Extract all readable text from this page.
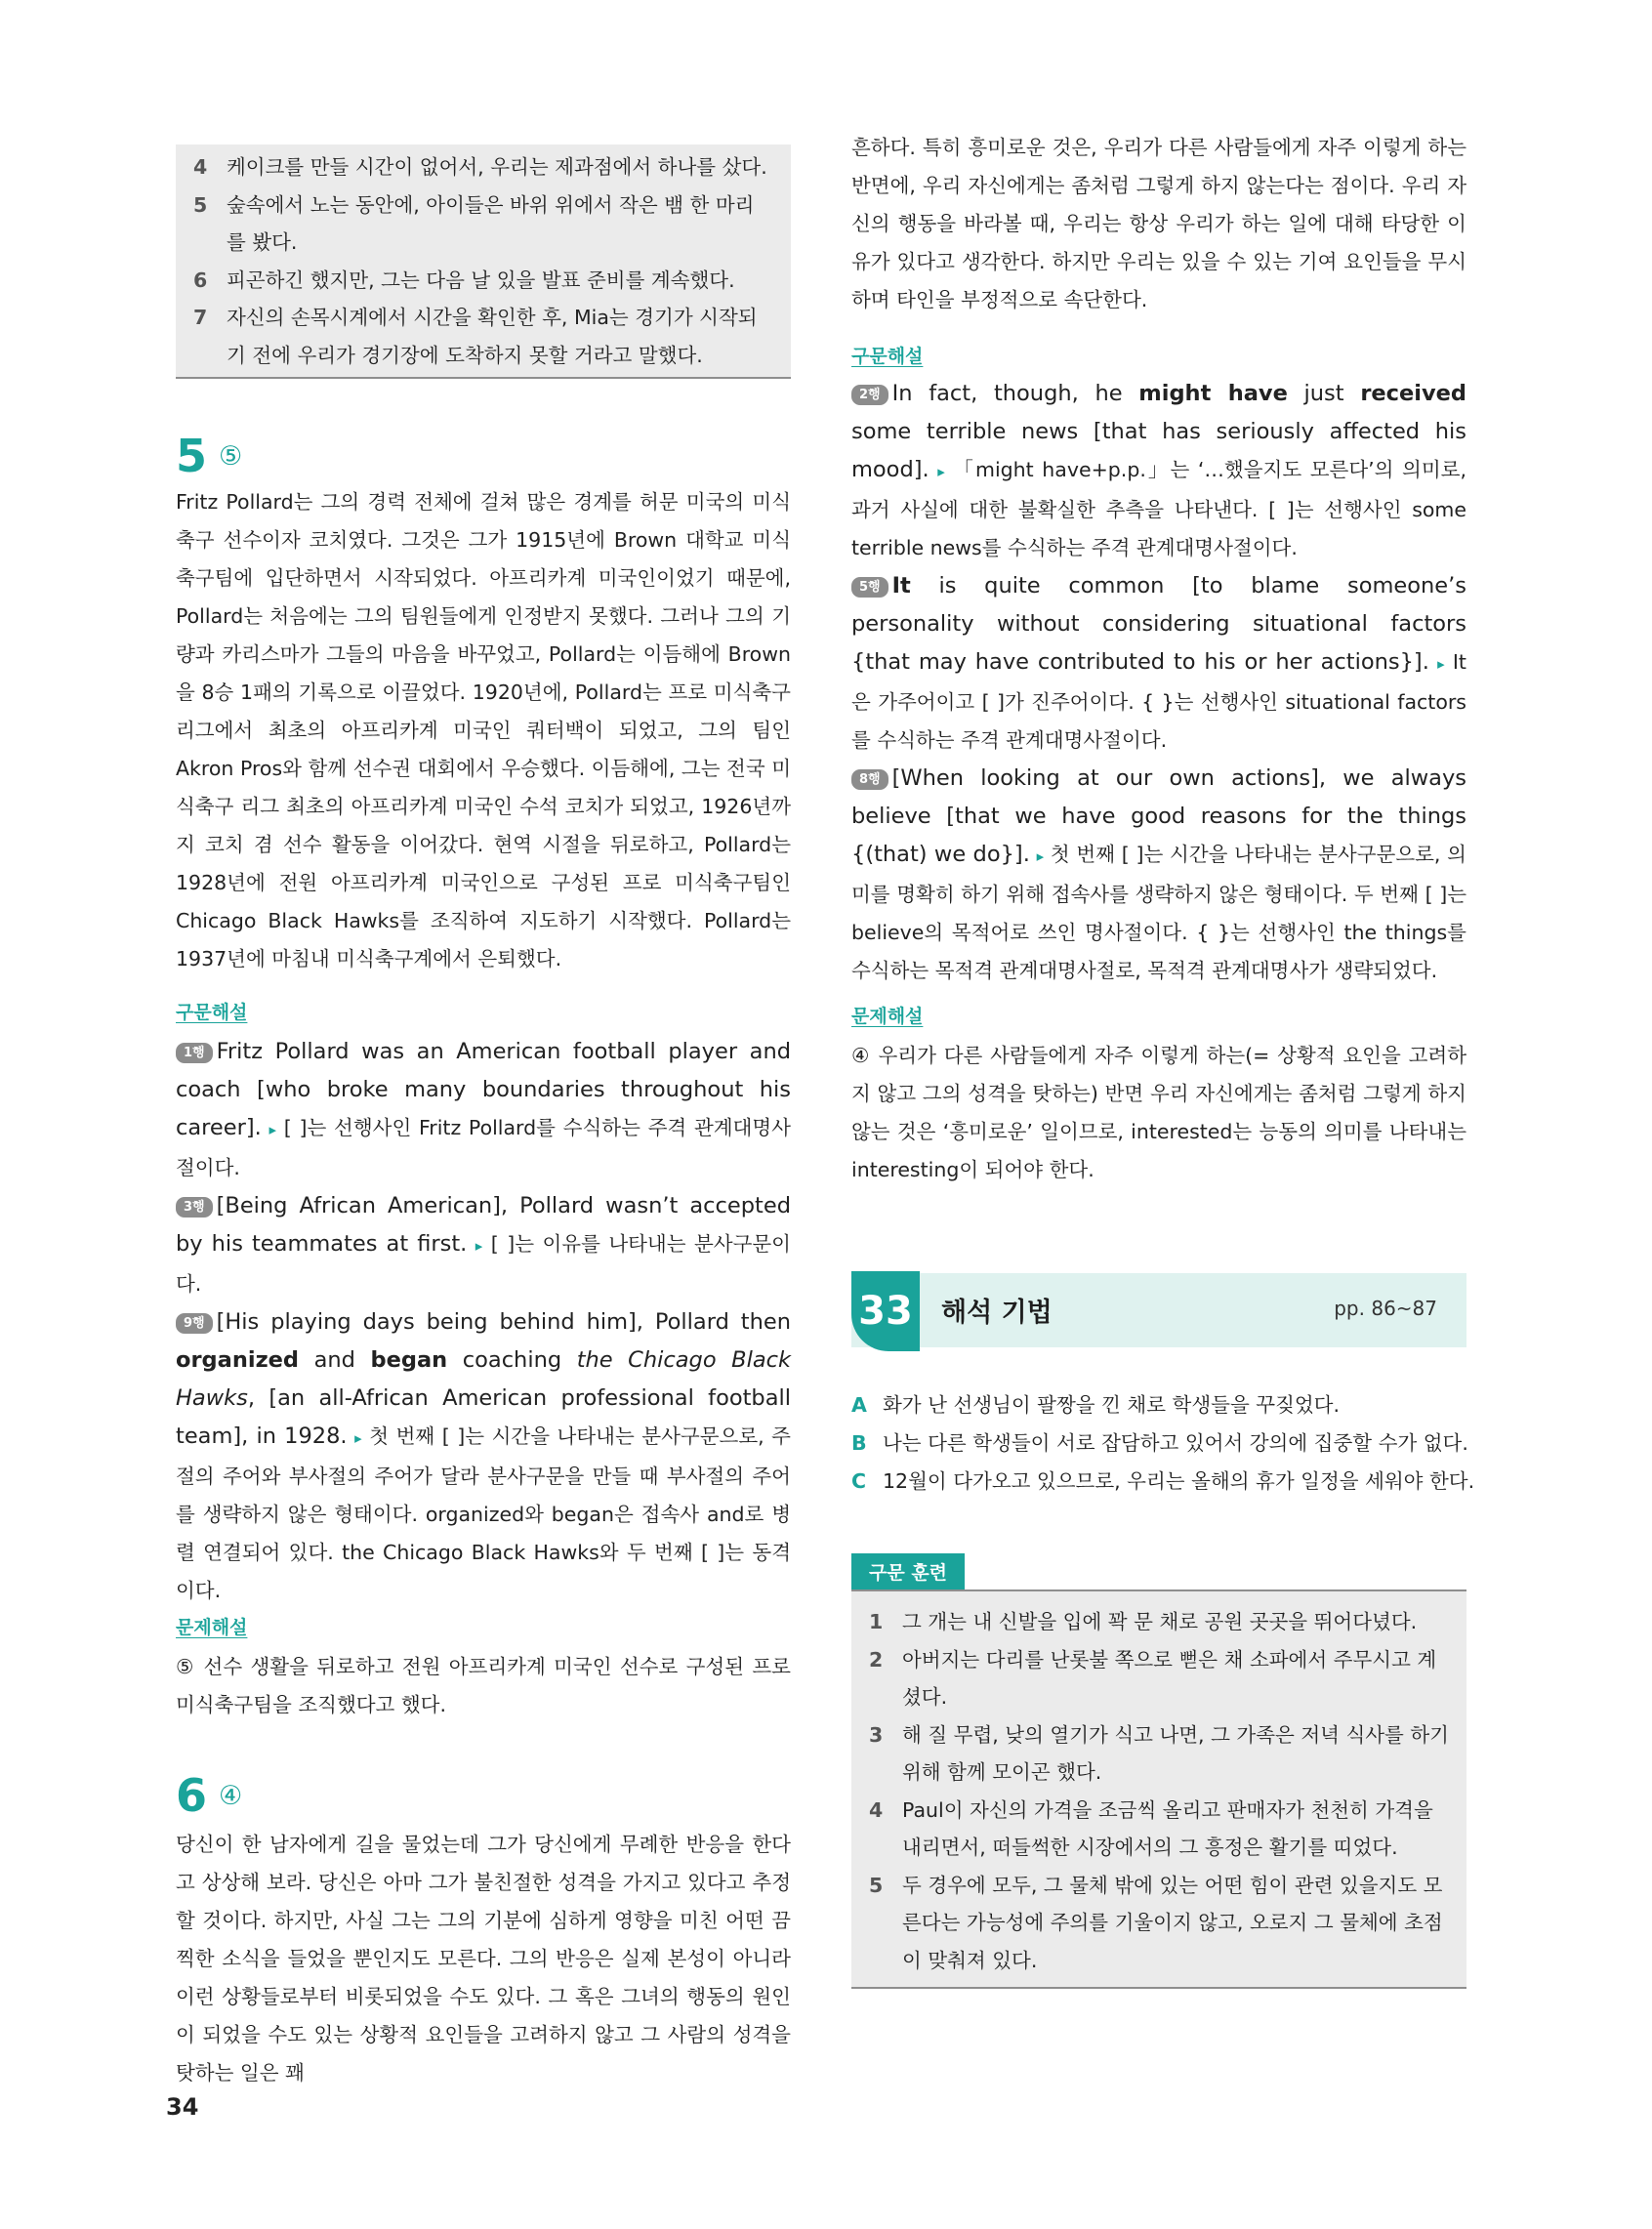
4 케이크를 만들 시간이 없어서, 우리는 제과점에서 하나를 샀다.
5 숲속에서 노는 동안에, 아이들은 바위 위에서 작은 뱀 한 마리를 봤다.
6 피곤하긴 했지만, 그는 다음 날 있을 발표 준비를 계속했다.
7 자신의 손목시계에서 시간을 확인한 후, Mia는 경기가 시작되기 전에 우리가 경기장에 도착하지 못할 거라고 말했다.
5 ⑤

Fritz Pollard는 그의 경력 전체에 걸쳐 많은 경계를 허문 미국의 미식축구 선수이자 코치였다. 그것은 그가 1915년에 Brown 대학교 미식축구팀에 입단하면서 시작되었다. 아프리카계 미국인이었기 때문에, Pollard는 처음에는 그의 팀원들에게 인정받지 못했다. 그러나 그의 기량과 카리스마가 그들의 마음을 바꾸었고, Pollard는 이듬해에 Brown을 8승 1패의 기록으로 이끌었다. 1920년에, Pollard는 프로 미식축구 리그에서 최초의 아프리카계 미국인 쿼터백이 되었고, 그의 팀인 Akron Pros와 함께 선수권 대회에서 우승했다. 이듬해에, 그는 전국 미식축구 리그 최초의 아프리카계 미국인 수석 코치가 되었고, 1926년까지 코치 겸 선수 활동을 이어갔다. 현역 시절을 뒤로하고, Pollard는 1928년에 전원 아프리카계 미국인으로 구성된 프로 미식축구팀인 Chicago Black Hawks를 조직하여 지도하기 시작했다. Pollard는 1937년에 마침내 미식축구계에서 은퇴했다.

구문해설

1행 Fritz Pollard was an American football player and coach [who broke many boundaries throughout his career]. ▸ [ ]는 선행사인 Fritz Pollard를 수식하는 주격 관계대명사절이다.

3행 [Being African American], Pollard wasn’t accepted by his teammates at first. ▸ [ ]는 이유를 나타내는 분사구문이다.

9행 [His playing days being behind him], Pollard then organized and began coaching the Chicago Black Hawks, [an all-African American professional football team], in 1928. ▸ 첫 번째 [ ]는 시간을 나타내는 분사구문으로, 주절의 주어와 부사절의 주어가 달라 분사구문을 만들 때 부사절의 주어를 생략하지 않은 형태이다. organized와 began은 접속사 and로 병렬 연결되어 있다. the Chicago Black Hawks와 두 번째 [ ]는 동격이다.

문제해설

⑤ 선수 생활을 뒤로하고 전원 아프리카계 미국인 선수로 구성된 프로 미식축구팀을 조직했다고 했다.

6 ④

당신이 한 남자에게 길을 물었는데 그가 당신에게 무례한 반응을 한다고 상상해 보라. 당신은 아마 그가 불친절한 성격을 가지고 있다고 추정할 것이다. 하지만, 사실 그는 그의 기분에 심하게 영향을 미친 어떤 끔찍한 소식을 들었을 뿐인지도 모른다. 그의 반응은 실제 본성이 아니라 이런 상황들로부터 비롯되었을 수도 있다. 그 혹은 그녀의 행동의 원인이 되었을 수도 있는 상황적 요인들을 고려하지 않고 그 사람의 성격을 탓하는 일은 꽤

34

흔하다. 특히 흥미로운 것은, 우리가 다른 사람들에게 자주 이렇게 하는 반면에, 우리 자신에게는 좀처럼 그렇게 하지 않는다는 점이다. 우리 자신의 행동을 바라볼 때, 우리는 항상 우리가 하는 일에 대해 타당한 이유가 있다고 생각한다. 하지만 우리는 있을 수 있는 기여 요인들을 무시하며 타인을 부정적으로 속단한다.

구문해설

2행 In fact, though, he might have just received some terrible news [that has seriously affected his mood]. ▸ 「might have+p.p.」는 ‘…했을지도 모른다’의 의미로, 과거 사실에 대한 불확실한 추측을 나타낸다. [ ]는 선행사인 some terrible news를 수식하는 주격 관계대명사절이다.

5행 It is quite common [to blame someone’s personality without considering situational factors {that may have contributed to his or her actions}]. ▸ It은 가주어이고 [ ]가 진주어이다. { }는 선행사인 situational factors를 수식하는 주격 관계대명사절이다.

8행 [When looking at our own actions], we always believe [that we have good reasons for the things {(that) we do}]. ▸ 첫 번째 [ ]는 시간을 나타내는 분사구문으로, 의미를 명확히 하기 위해 접속사를 생략하지 않은 형태이다. 두 번째 [ ]는 believe의 목적어로 쓰인 명사절이다. { }는 선행사인 the things를 수식하는 목적격 관계대명사절로, 목적격 관계대명사가 생략되었다.

문제해설

④ 우리가 다른 사람들에게 자주 이렇게 하는(= 상황적 요인을 고려하지 않고 그의 성격을 탓하는) 반면 우리 자신에게는 좀처럼 그렇게 하지 않는 것은 ‘흥미로운’ 일이므로, interested는 능동의 의미를 나타내는 interesting이 되어야 한다.

33 해석 기법	pp. 86~87
A 화가 난 선생님이 팔짱을 낀 채로 학생들을 꾸짖었다.
B 나는 다른 학생들이 서로 잡담하고 있어서 강의에 집중할 수가 없다.
C 12월이 다가오고 있으므로, 우리는 올해의 휴가 일정을 세워야 한다.
구문 훈련
1 그 개는 내 신발을 입에 꽉 문 채로 공원 곳곳을 뛰어다녔다.
2 아버지는 다리를 난롯불 쪽으로 뻗은 채 소파에서 주무시고 계셨다.
3 해 질 무렵, 낮의 열기가 식고 나면, 그 가족은 저녁 식사를 하기 위해 함께 모이곤 했다.
4 Paul이 자신의 가격을 조금씩 올리고 판매자가 천천히 가격을 내리면서, 떠들썩한 시장에서의 그 흥정은 활기를 띠었다.
5 두 경우에 모두, 그 물체 밖에 있는 어떤 힘이 관련 있을지도 모른다는 가능성에 주의를 기울이지 않고, 오로지 그 물체에 초점이 맞춰져 있다.
